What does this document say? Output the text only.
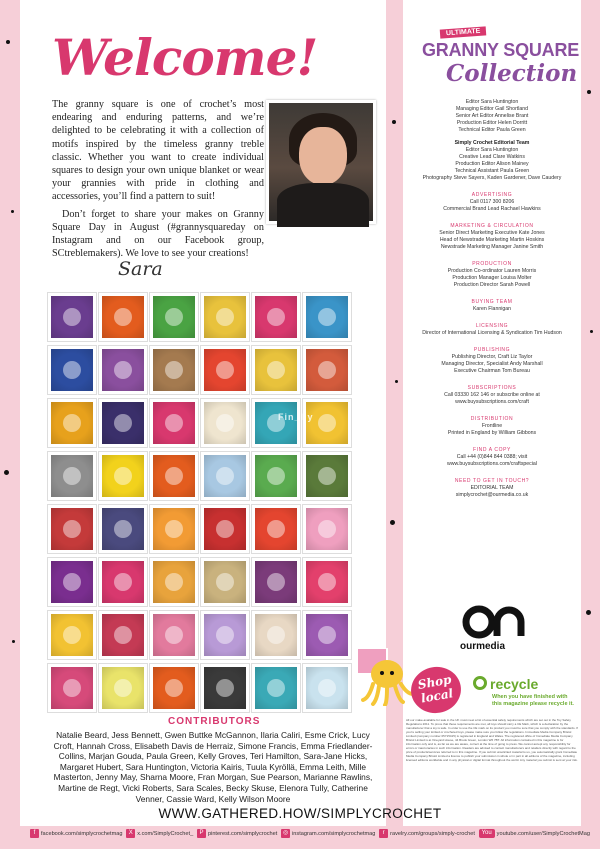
Welcome!

The granny square is one of crochet’s most endearing and enduring patterns, and we’re delighted to be celebrating it with a collection of motifs inspired by the timeless granny treble classic. Whether you want to create individual squares to design your own unique blanket or wear your grannies with pride in clothing and accessories, you’ll find a pattern to suit!

Don’t forget to share your makes on Granny Square Day in August (#grannysquareday on Instagram and on our Facebook group, SCtreblemakers). We love to see your creations!

Sara
Fin_lly
CONTRIBUTORS
Natalie Beard, Jess Bennett, Gwen Buttke McGannon, Ilaria Caliri, Esme Crick, Lucy Croft, Hannah Cross, Elisabeth Davis de Herraiz, Simone Francis, Emma Friedlander-Collins, Marjan Gouda, Paula Green, Kelly Groves, Teri Hamilton, Sara-Jane Hicks, Margaret Hubert, Sara Huntington, Victoria Kairis, Tuula Kyröllä, Emma Leith, Mille Masterton, Jenny May, Sharna Moore, Fran Morgan, Sue Pearson, Marianne Rawlins, Martine de Regt, Vicki Roberts, Sara Scales, Becky Skuse, Elenora Tully, Catherine Venner, Cassie Ward, Kelly Wilson Moore
ULTIMATE
GRANNY SQUARE
Collection
Editor Sara Huntington
Managing Editor Gail Shortland
Senior Art Editor Annelise Brant
Production Editor Helen Dorritt
Technical Editor Paula Green
Simply Crochet Editorial Team
Editor Sara Huntington
Creative Lead Clare Watkins
Production Editor Alison Mainey
Technical Assistant Paula Green
Photography Steve Sayers, Kaden Gardener, Dave Caudery
ADVERTISING
Call 0117 300 8206
Commercial Brand Lead Rachael Hawkins
MARKETING & CIRCULATION
Senior Direct Marketing Executive Kate Jones
Head of Newstrade Marketing Martin Hoskins
Newstrade Marketing Manager Janine Smith
PRODUCTION
Production Co-ordinator Lauren Morris
Production Manager Louisa Molter
Production Director Sarah Powell
BUYING TEAM
Karen Flannigan
LICENSING
Director of International Licensing & Syndication Tim Hudson
PUBLISHING
Publishing Director, Craft Liz Taylor
Managing Director, Specialist Andy Marshall
Executive Chairman Tom Bureau
SUBSCRIPTIONS
Call 03330 162 146 or subscribe online at
www.buysubscriptions.com/craft
DISTRIBUTION
Frontline
Printed in England by William Gibbons
FIND A COPY
Call +44 (0)844 844 0388; visit
www.buysubscriptions.com/craftspecial
NEED TO GET IN TOUCH?
EDITORIAL TEAM
simplycrochet@ourmedia.co.uk
ourmedia
Shop local
recycle
When you have finished with this magazine please recycle it.
All our make-available for sale in the UK must meet a list of essential safety requirements which are set out in the Toy Safety Regulations 2011. To prove that these requirements are met, all toys should carry a CE Mark, which is a declaration by the manufacturer that a toy is safe. In order to use the CE mark on its product you must be sure that you comply with the standards. If you’re selling your knitted or crocheted toys, please make sure you follow the regulations. Immediate Media Company Bristol Limited (company number 05715415) is registered in England and Wales. The registered office of Immediate Media Company Bristol Limited is at Vineyard House, 44 Brook Green, London W6 7BT. All information contained in this magazine is for information only and is, as far as we are aware, correct at the time of going to press. We cannot accept any responsibility for errors or inaccuracies in such information. Readers are advised to contact manufacturers and retailers directly with regard to the price of products/services referred to in this magazine. If you submit unsolicited material to us, you automatically grant Immediate Media Company Bristol Limited a licence to publish your submission in whole or in part in all editions of the magazine, including licensed editions worldwide and in any physical or digital format throughout the world. Any material you submit is sent at your risk.
WWW.GATHERED.HOW/SIMPLYCROCHET
f	facebook.com/simplycrochetmag	X x.com/SimplyCrochet_	P pinterest.com/simplycrochet ◎ instagram.com/simplycrochetmag	r ravelry.com/groups/simply-crochet	You youtube.com/user/SimplyCrochetMag
